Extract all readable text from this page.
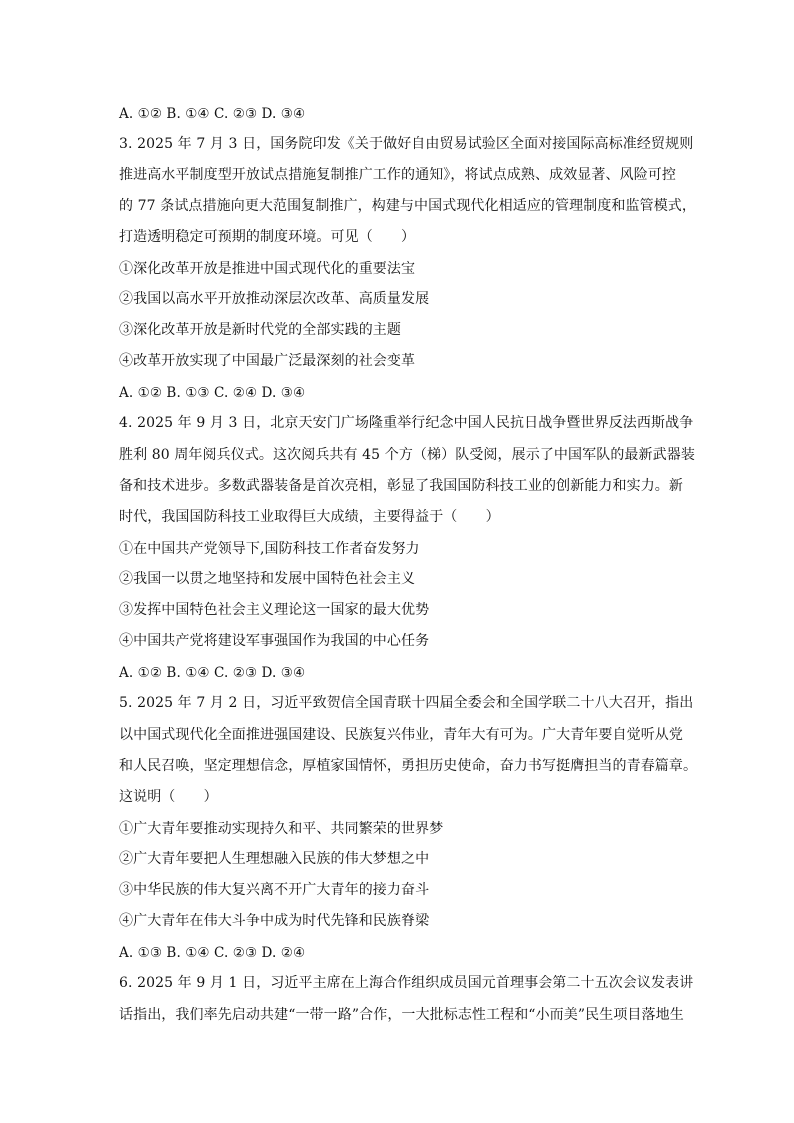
A. ①② B. ①④ C. ②③ D. ③④
3. 2025 年 7 月 3 日，国务院印发《关于做好自由贸易试验区全面对接国际高标准经贸规则
推进高水平制度型开放试点措施复制推广工作的通知》，将试点成熟、成效显著、风险可控
的 77 条试点措施向更大范围复制推广，构建与中国式现代化相适应的管理制度和监管模式，
打造透明稳定可预期的制度环境。可见（　　）
①深化改革开放是推进中国式现代化的重要法宝
②我国以高水平开放推动深层次改革、高质量发展
③深化改革开放是新时代党的全部实践的主题
④改革开放实现了中国最广泛最深刻的社会变革
A. ①② B. ①③ C. ②④ D. ③④
4. 2025 年 9 月 3 日，北京天安门广场隆重举行纪念中国人民抗日战争暨世界反法西斯战争
胜利 80 周年阅兵仪式。这次阅兵共有 45 个方（梯）队受阅，展示了中国军队的最新武器装
备和技术进步。多数武器装备是首次亮相，彰显了我国国防科技工业的创新能力和实力。新
时代，我国国防科技工业取得巨大成绩，主要得益于（　　）
①在中国共产党领导下,国防科技工作者奋发努力
②我国一以贯之地坚持和发展中国特色社会主义
③发挥中国特色社会主义理论这一国家的最大优势
④中国共产党将建设军事强国作为我国的中心任务
A. ①② B. ①④ C. ②③ D. ③④
5. 2025 年 7 月 2 日，习近平致贺信全国青联十四届全委会和全国学联二十八大召开，指出
以中国式现代化全面推进强国建设、民族复兴伟业，青年大有可为。广大青年要自觉听从党
和人民召唤，坚定理想信念，厚植家国情怀，勇担历史使命，奋力书写挺膺担当的青春篇章。
这说明（　　）
①广大青年要推动实现持久和平、共同繁荣的世界梦
②广大青年要把人生理想融入民族的伟大梦想之中
③中华民族的伟大复兴离不开广大青年的接力奋斗
④广大青年在伟大斗争中成为时代先锋和民族脊梁
A. ①③ B. ①④ C. ②③ D. ②④
6. 2025 年 9 月 1 日，习近平主席在上海合作组织成员国元首理事会第二十五次会议发表讲
话指出，我们率先启动共建“一带一路”合作，一大批标志性工程和“小而美”民生项目落地生
